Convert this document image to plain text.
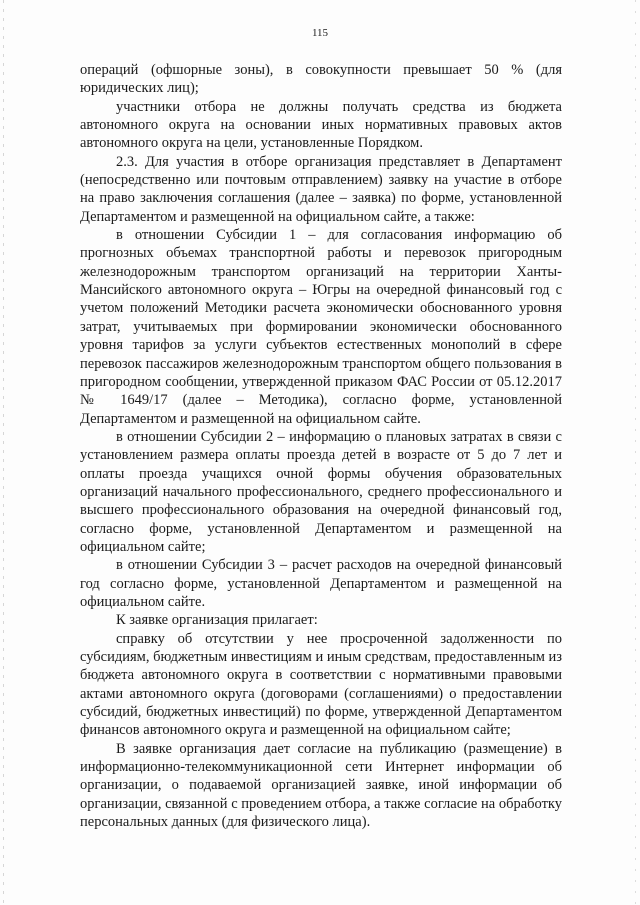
115

операций (офшорные зоны), в совокупности превышает 50 % (для юридических лиц);

участники отбора не должны получать средства из бюджета автономного округа на основании иных нормативных правовых актов автономного округа на цели, установленные Порядком.

2.3. Для участия в отборе организация представляет в Департамент (непосредственно или почтовым отправлением) заявку на участие в отборе на право заключения соглашения (далее – заявка) по форме, установленной Департаментом и размещенной на официальном сайте, а также:

в отношении Субсидии 1 – для согласования информацию об прогнозных объемах транспортной работы и перевозок пригородным железнодорожным транспортом организаций на территории Ханты-Мансийского автономного округа – Югры на очередной финансовый год с учетом положений Методики расчета экономически обоснованного уровня затрат, учитываемых при формировании экономически обоснованного уровня тарифов за услуги субъектов естественных монополий в сфере перевозок пассажиров железнодорожным транспортом общего пользования в пригородном сообщении, утвержденной приказом ФАС России от 05.12.2017 № 1649/17 (далее – Методика), согласно форме, установленной Департаментом и размещенной на официальном сайте.

в отношении Субсидии 2 – информацию о плановых затратах в связи с установлением размера оплаты проезда детей в возрасте от 5 до 7 лет и оплаты проезда учащихся очной формы обучения образовательных организаций начального профессионального, среднего профессионального и высшего профессионального образования на очередной финансовый год, согласно форме, установленной Департаментом и размещенной на официальном сайте;

в отношении Субсидии 3 – расчет расходов на очередной финансовый год согласно форме, установленной Департаментом и размещенной на официальном сайте.

К заявке организация прилагает:

справку об отсутствии у нее просроченной задолженности по субсидиям, бюджетным инвестициям и иным средствам, предоставленным из бюджета автономного округа в соответствии с нормативными правовыми актами автономного округа (договорами (соглашениями) о предоставлении субсидий, бюджетных инвестиций) по форме, утвержденной Департаментом финансов автономного округа и размещенной на официальном сайте;

В заявке организация дает согласие на публикацию (размещение) в информационно-телекоммуникационной сети Интернет информации об организации, о подаваемой организацией заявке, иной информации об организации, связанной с проведением отбора, а также согласие на обработку персональных данных (для физического лица).
